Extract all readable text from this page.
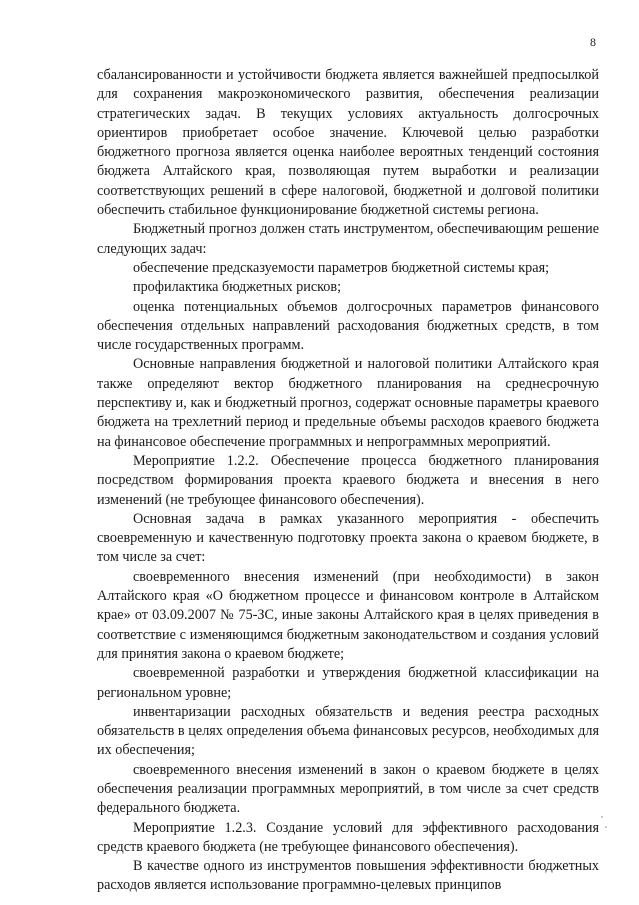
8

сбалансированности и устойчивости бюджета является важнейшей предпосылкой для сохранения макроэкономического развития, обеспечения реализации стратегических задач. В текущих условиях актуальность долгосрочных ориентиров приобретает особое значение. Ключевой целью разработки бюджетного прогноза является оценка наиболее вероятных тенденций состояния бюджета Алтайского края, позволяющая путем выработки и реализации соответствующих решений в сфере налоговой, бюджетной и долговой политики обеспечить стабильное функционирование бюджетной системы региона.

Бюджетный прогноз должен стать инструментом, обеспечивающим решение следующих задач:

обеспечение предсказуемости параметров бюджетной системы края;

профилактика бюджетных рисков;

оценка потенциальных объемов долгосрочных параметров финансового обеспечения отдельных направлений расходования бюджетных средств, в том числе государственных программ.

Основные направления бюджетной и налоговой политики Алтайского края также определяют вектор бюджетного планирования на среднесрочную перспективу и, как и бюджетный прогноз, содержат основные параметры краевого бюджета на трехлетний период и предельные объемы расходов краевого бюджета на финансовое обеспечение программных и непрограммных мероприятий.

Мероприятие 1.2.2. Обеспечение процесса бюджетного планирования посредством формирования проекта краевого бюджета и внесения в него изменений (не требующее финансового обеспечения).

Основная задача в рамках указанного мероприятия - обеспечить своевременную и качественную подготовку проекта закона о краевом бюджете, в том числе за счет:

своевременного внесения изменений (при необходимости) в закон Алтайского края «О бюджетном процессе и финансовом контроле в Алтайском крае» от 03.09.2007 № 75-ЗС, иные законы Алтайского края в целях приведения в соответствие с изменяющимся бюджетным законодательством и создания условий для принятия закона о краевом бюджете;

своевременной разработки и утверждения бюджетной классификации на региональном уровне;

инвентаризации расходных обязательств и ведения реестра расходных обязательств в целях определения объема финансовых ресурсов, необходимых для их обеспечения;

своевременного внесения изменений в закон о краевом бюджете в целях обеспечения реализации программных мероприятий, в том числе за счет средств федерального бюджета.

Мероприятие 1.2.3. Создание условий для эффективного расходования средств краевого бюджета (не требующее финансового обеспечения).

В качестве одного из инструментов повышения эффективности бюджетных расходов является использование программно-целевых принципов
